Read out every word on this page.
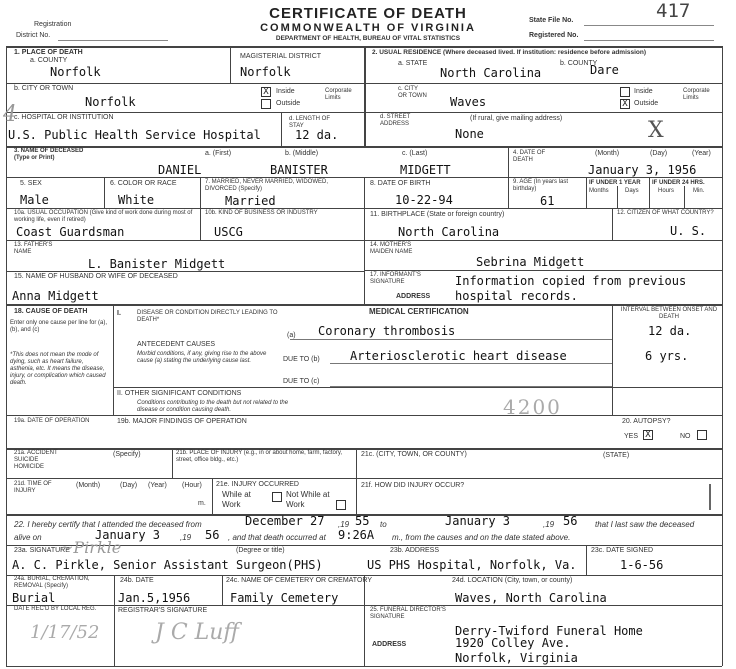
Registration
District No.
CERTIFICATE OF DEATH
COMMONWEALTH OF VIRGINIA
DEPARTMENT OF HEALTH, BUREAU OF VITAL STATISTICS
State File No.	417
Registered No.
1. PLACE OF DEATH
a. COUNTY
Norfolk
MAGISTERIAL DISTRICT
Norfolk
b. CITY OR TOWN
Norfolk
X	Inside
Outside
Corporate Limits
c. HOSPITAL OR INSTITUTION
U.S. Public Health Service Hospital
d. LENGTH OF STAY
12 da.
4
2. USUAL RESIDENCE (Where deceased lived. If institution: residence before admission)
a. STATE
North Carolina
b. COUNTY
Dare
c. CITY OR TOWN Waves
Inside
X Outside
Corporate Limits
d. STREET ADDRESS
(If rural, give mailing address)
None	X
3. NAME OF DECEASED (Type or Print)
a. (First)	b. (Middle)	c. (Last)
DANIEL	BANISTER	MIDGETT
4. DATE OF DEATH
(Month)	(Day)	(Year)
January 3, 1956
5. SEX
Male
6. COLOR OR RACE
White
7. MARRIED, NEVER MARRIED, WIDOWED, DIVORCED (Specify)
Married
8. DATE OF BIRTH
10-22-94
9. AGE (In years last birthday)
61
IF UNDER 1 YEAR
Months	Days
IF UNDER 24 HRS.
Hours	Min.
10a. USUAL OCCUPATION (Give kind of work done during most of working life, even if retired)
Coast Guardsman
10b. KIND OF BUSINESS OR INDUSTRY
USCG
11. BIRTHPLACE (State or foreign country)
North Carolina
12. CITIZEN OF WHAT COUNTRY?
U. S.
13. FATHER'S NAME
L. Banister Midgett
14. MOTHER'S MAIDEN NAME
Sebrina Midgett
15. NAME OF HUSBAND OR WIFE OF DECEASED
Anna Midgett
17. INFORMANT'S SIGNATURE	Information copied from previous
ADDRESS hospital records.
18. CAUSE OF DEATH
Enter only one cause per line for (a), (b), and (c)
*This does not mean the mode of dying, such as heart failure, asthenia, etc. It means the disease, injury, or complication which caused death.
I.	DISEASE OR CONDITION DIRECTLY LEADING TO DEATH*
MEDICAL CERTIFICATION	INTERVAL BETWEEN ONSET AND DEATH
(a) Coronary thrombosis	12 da.
ANTECEDENT CAUSES
Morbid conditions, if any, giving rise to the above cause (a) stating the underlying cause last.	DUE TO (b)	Arteriosclerotic heart disease	6 yrs.
DUE TO (c)
II. OTHER SIGNIFICANT CONDITIONS
Conditions contributing to the death but not related to the disease or condition causing death.	4200
19a. DATE OF OPERATION	19b. MAJOR FINDINGS OF OPERATION	20. AUTOPSY?
YES X	NO
21a. ACCIDENT SUICIDE HOMICIDE
(Specify)	21b. PLACE OF INJURY (e.g., in or about home, farm, factory, street, office bldg., etc.)
21c. (CITY, TOWN, OR COUNTY)	(STATE)
21d. TIME OF INJURY
(Month)	(Day) (Year) (Hour)
m.
21e. INJURY OCCURRED
While at Work
Not While at Work
21f. HOW DID INJURY OCCUR?
22. I hereby certify that I attended the deceased from	December 27 ,19 55 to	January 3	,19 56 that I last saw the deceased
alive on	January 3 ,19 56 , and that death occurred at 9:26A m., from the causes and on the date stated above.
23a. SIGNATURE
~Pirkle	(Degree or title)	23b. ADDRESS	23c. DATE SIGNED
A. C. Pirkle, Senior Assistant Surgeon(PHS)	US PHS Hospital, Norfolk, Va.	1-6-56
24a. BURIAL, CREMATION, REMOVAL (Specify)
Burial
24b. DATE
Jan.5,1956
24c. NAME OF CEMETERY OR CREMATORY
Family Cemetery
24d. LOCATION (City, town, or county)
Waves, North Carolina
DATE REC'D BY LOCAL REG.
1/17/52
REGISTRAR'S SIGNATURE
J C Luff
25. FUNERAL DIRECTOR'S SIGNATURE
Derry-Twiford Funeral Home
ADDRESS	1920 Colley Ave.
Norfolk, Virginia
